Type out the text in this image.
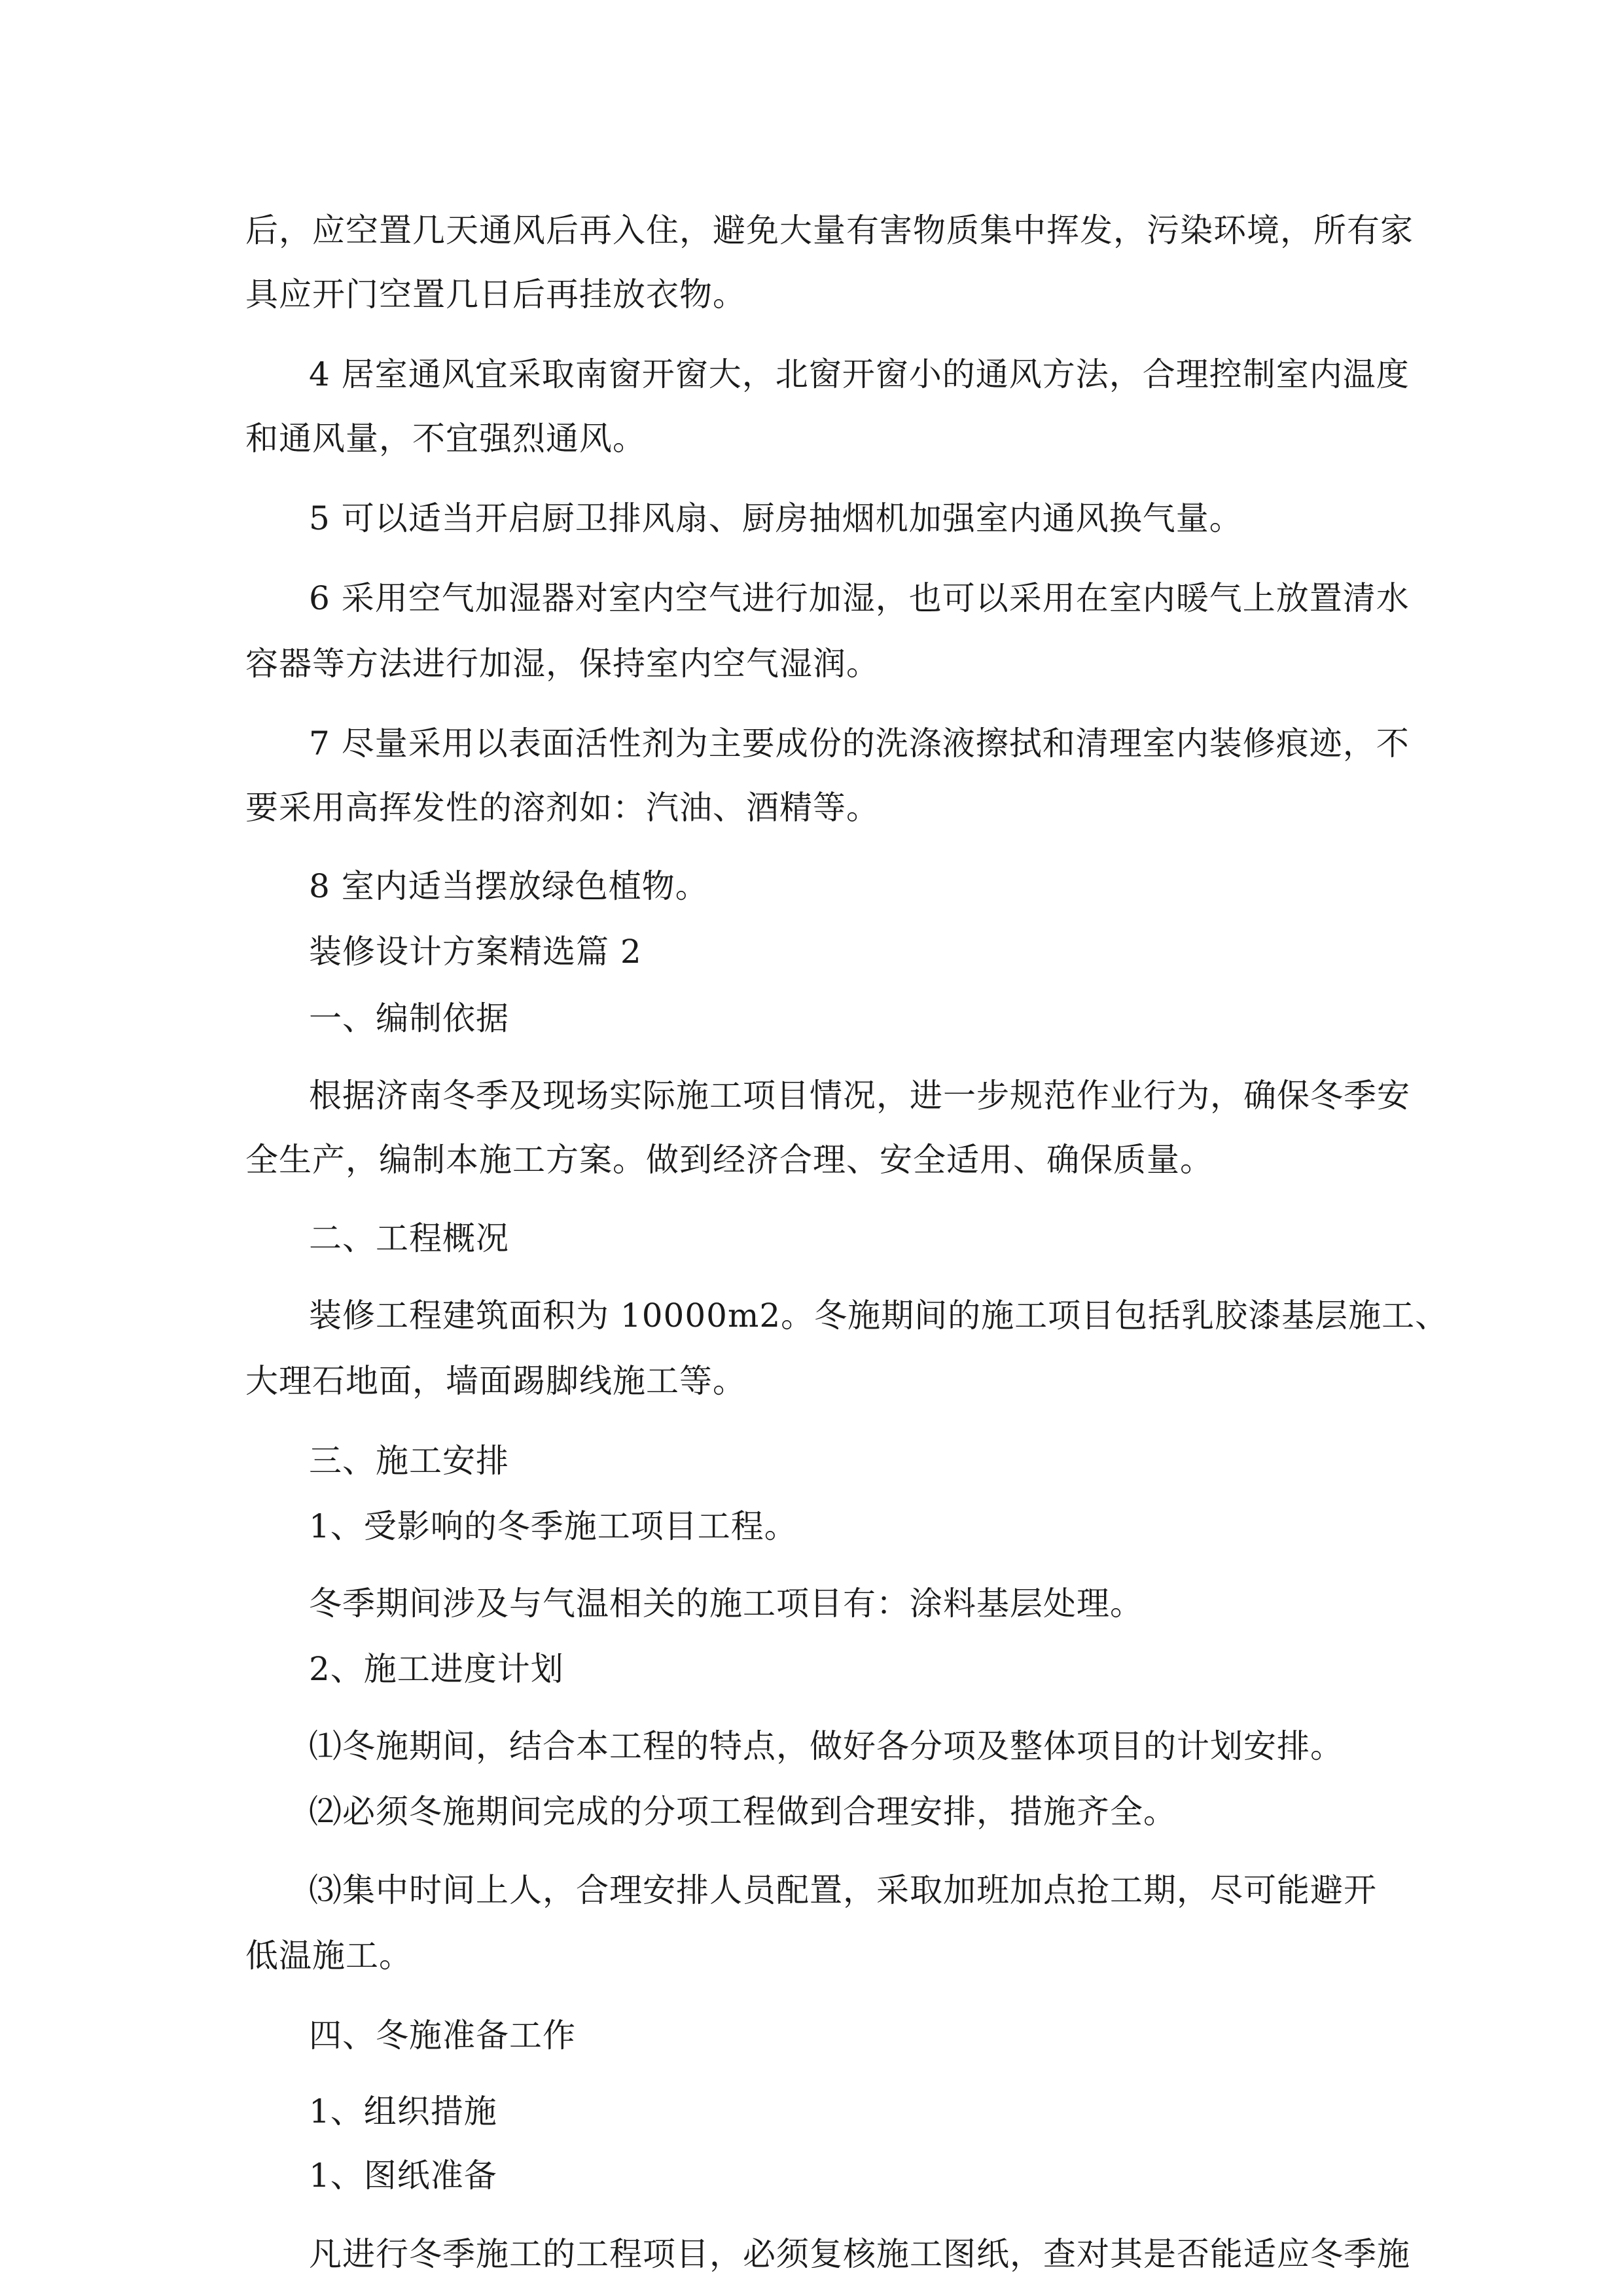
后，应空置几天通风后再入住，避免大量有害物质集中挥发，污染环境，所有家
具应开门空置几日后再挂放衣物。
4 居室通风宜采取南窗开窗大，北窗开窗小的通风方法，合理控制室内温度
和通风量，不宜强烈通风。
5 可以适当开启厨卫排风扇、厨房抽烟机加强室内通风换气量。
6 采用空气加湿器对室内空气进行加湿，也可以采用在室内暖气上放置清水
容器等方法进行加湿，保持室内空气湿润。
7 尽量采用以表面活性剂为主要成份的洗涤液擦拭和清理室内装修痕迹，不
要采用高挥发性的溶剂如：汽油、酒精等。
8 室内适当摆放绿色植物。
装修设计方案精选篇 2
一、编制依据
根据济南冬季及现场实际施工项目情况，进一步规范作业行为，确保冬季安
全生产，编制本施工方案。做到经济合理、安全适用、确保质量。
二、工程概况
装修工程建筑面积为 10000m2。冬施期间的施工项目包括乳胶漆基层施工、
大理石地面，墙面踢脚线施工等。
三、施工安排
1、受影响的冬季施工项目工程。
冬季期间涉及与气温相关的施工项目有：涂料基层处理。
2、施工进度计划
⑴冬施期间，结合本工程的特点，做好各分项及整体项目的计划安排。
⑵必须冬施期间完成的分项工程做到合理安排，措施齐全。
⑶集中时间上人，合理安排人员配置，采取加班加点抢工期，尽可能避开
低温施工。
四、冬施准备工作
1、组织措施
1、图纸准备
凡进行冬季施工的工程项目，必须复核施工图纸，查对其是否能适应冬季施
